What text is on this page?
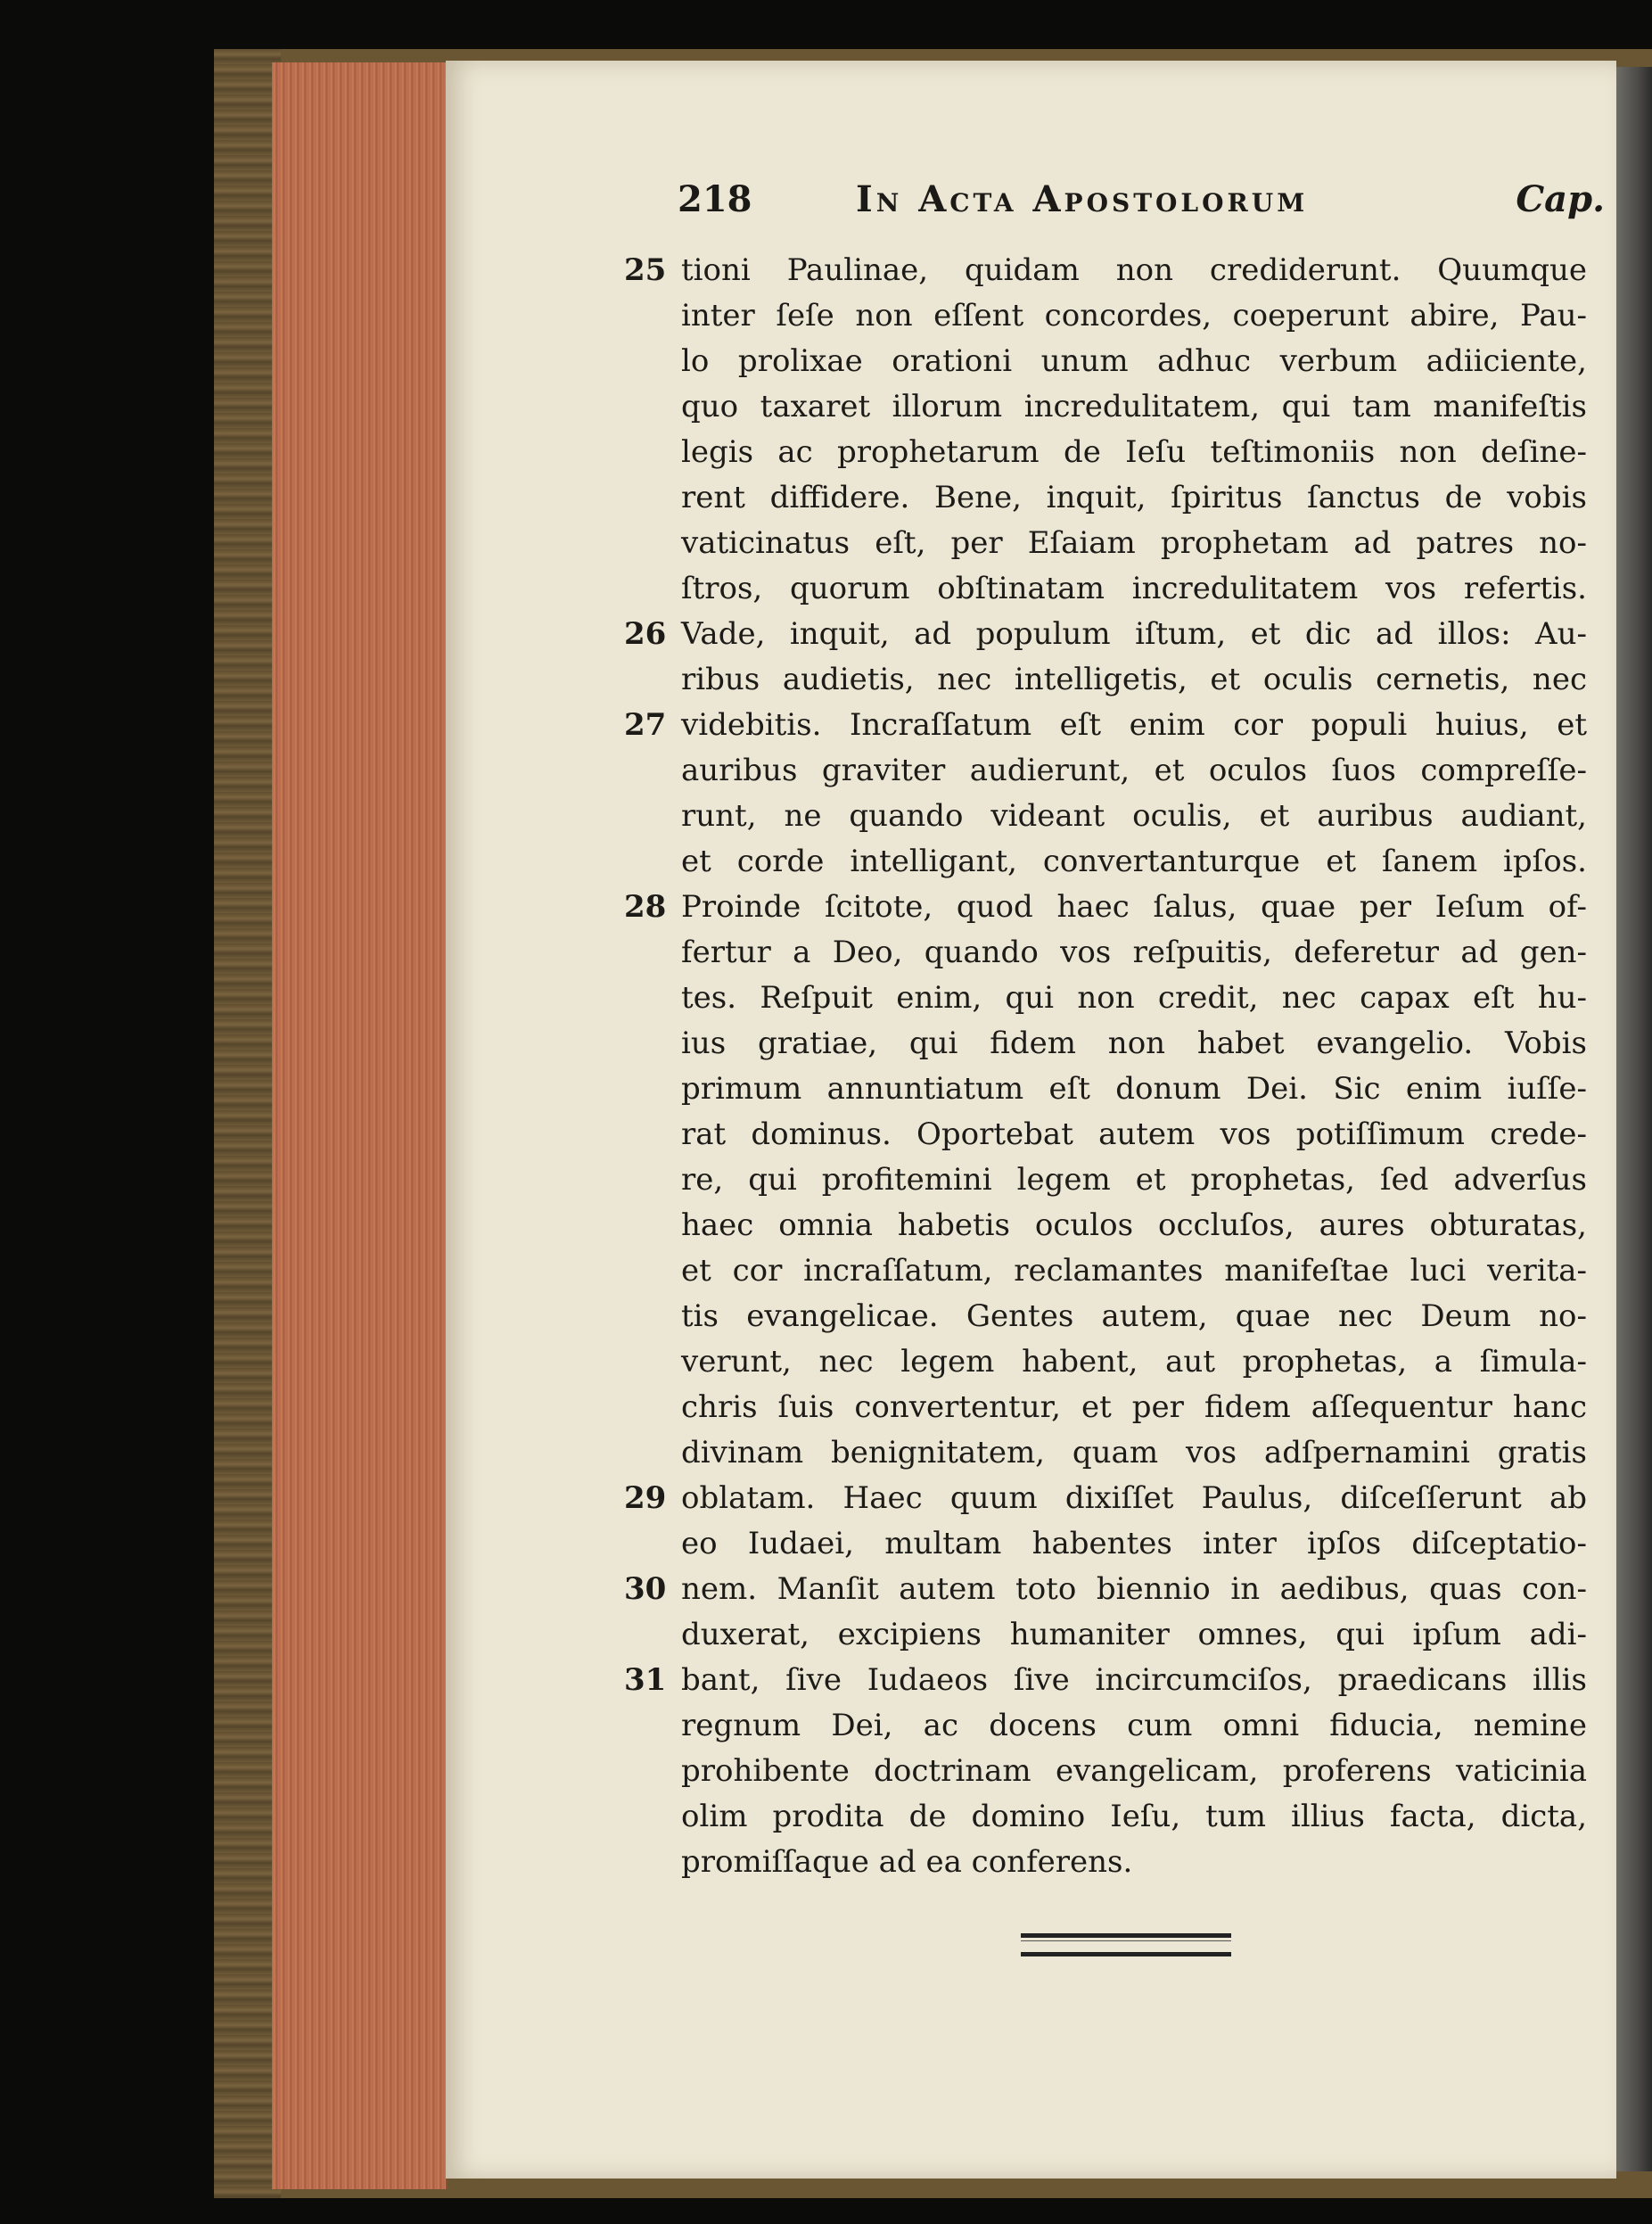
218	In Acta Apostolorum	Cap.
25 tioni Paulinae, quidam non crediderunt. Quumque
inter ſeſe non eſſent concordes, coeperunt abire, Pau-
lo prolixae orationi unum adhuc verbum adiiciente,
quo taxaret illorum incredulitatem, qui tam manifeſtis
legis ac prophetarum de Ieſu teſtimoniis non deſine-
rent diffidere. Bene, inquit, ſpiritus ſanctus de vobis
vaticinatus eſt, per Eſaiam prophetam ad patres no-
ſtros, quorum obſtinatam incredulitatem vos refertis.
26 Vade, inquit, ad populum iſtum, et dic ad illos: Au-
ribus audietis, nec intelligetis, et oculis cernetis, nec
27 videbitis. Incraſſatum eſt enim cor populi huius, et
auribus graviter audierunt, et oculos ſuos compreſſe-
runt, ne quando videant oculis, et auribus audiant,
et corde intelligant, convertanturque et ſanem ipſos.
28 Proinde ſcitote, quod haec ſalus, quae per Ieſum of-
fertur a Deo, quando vos reſpuitis, deferetur ad gen-
tes. Reſpuit enim, qui non credit, nec capax eſt hu-
ius gratiae, qui fidem non habet evangelio. Vobis
primum annuntiatum eſt donum Dei. Sic enim iuſſe-
rat dominus. Oportebat autem vos potiſſimum crede-
re, qui profitemini legem et prophetas, ſed adverſus
haec omnia habetis oculos occluſos, aures obturatas,
et cor incraſſatum, reclamantes manifeſtae luci verita-
tis evangelicae. Gentes autem, quae nec Deum no-
verunt, nec legem habent, aut prophetas, a ſimula-
chris ſuis convertentur, et per fidem aſſequentur hanc
divinam benignitatem, quam vos adſpernamini gratis
29 oblatam. Haec quum dixiſſet Paulus, diſceſſerunt ab
eo Iudaei, multam habentes inter ipſos diſceptatio-
30 nem. Manſit autem toto biennio in aedibus, quas con-
duxerat, excipiens humaniter omnes, qui ipſum adi-
31 bant, ſive Iudaeos ſive incircumciſos, praedicans illis
regnum Dei, ac docens cum omni fiducia, nemine
prohibente doctrinam evangelicam, proferens vaticinia
olim prodita de domino Ieſu, tum illius facta, dicta,
promiſſaque ad ea conferens.
